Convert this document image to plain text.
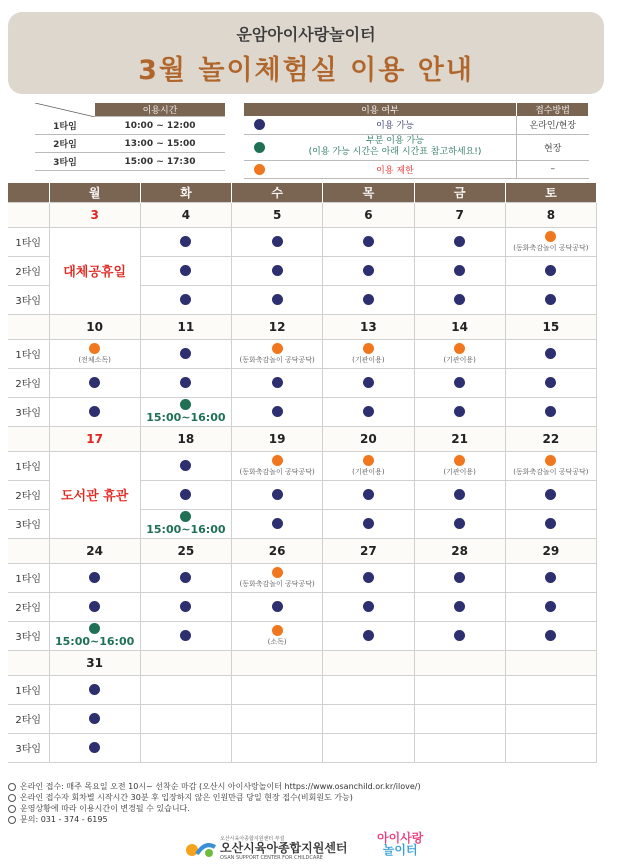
운암아이사랑놀이터
3월 놀이체험실 이용 안내
	이용시간
1타임	10:00 ~ 12:00
2타임	13:00 ~ 15:00
3타임	15:00 ~ 17:30
이용 여부		접수방법
	이용 가능	온라인/현장
	부분 이용 가능
(이용 가능 시간은 아래 시간표 참고하세요!)	현장
	이용 제한	–
	월	화	수	목	금	토
	3	4	5	6	7	8
1타임	대체공휴일					(동화축감놀이 공닥공닥)

2타임						
3타임						
	10	11	12	13	14	15
1타임	(전체소독)		(동화축감놀이 공닥공닥)	(기관이용)	(기관이용)	

2타임						
3타임		15:00~16:00				

	17	18	19	20	21	22
1타임	도서관 휴관		(동화축감놀이 공닥공닥)	(기관이용)	(기관이용)	(동화축감놀이 공닥공닥)

2타임						
3타임		15:00~16:00				

	24	25	26	27	28	29
1타임			(동화축감놀이 공닥공닥)			

2타임						
3타임	15:00~16:00		(소독)			

	31					
1타임						
2타임						
3타임						
온라인 접수: 매주 목요일 오전 10시~ 선착순 마감 (오산시 아이사랑놀이터 https://www.osanchild.or.kr/ilove/)
온라인 접수자 회차별 시작시간 30분 후 입장하지 않은 인원만큼 당일 현장 접수(비회원도 가능)
운영상황에 따라 이용시간이 변경될 수 있습니다.
문의: 031 - 374 - 6195
오산시육아종합지원센터 부설
오산시육아종합지원센터
OSAN SUPPORT CENTER FOR CHILDCARE
아이사랑
놀이터
